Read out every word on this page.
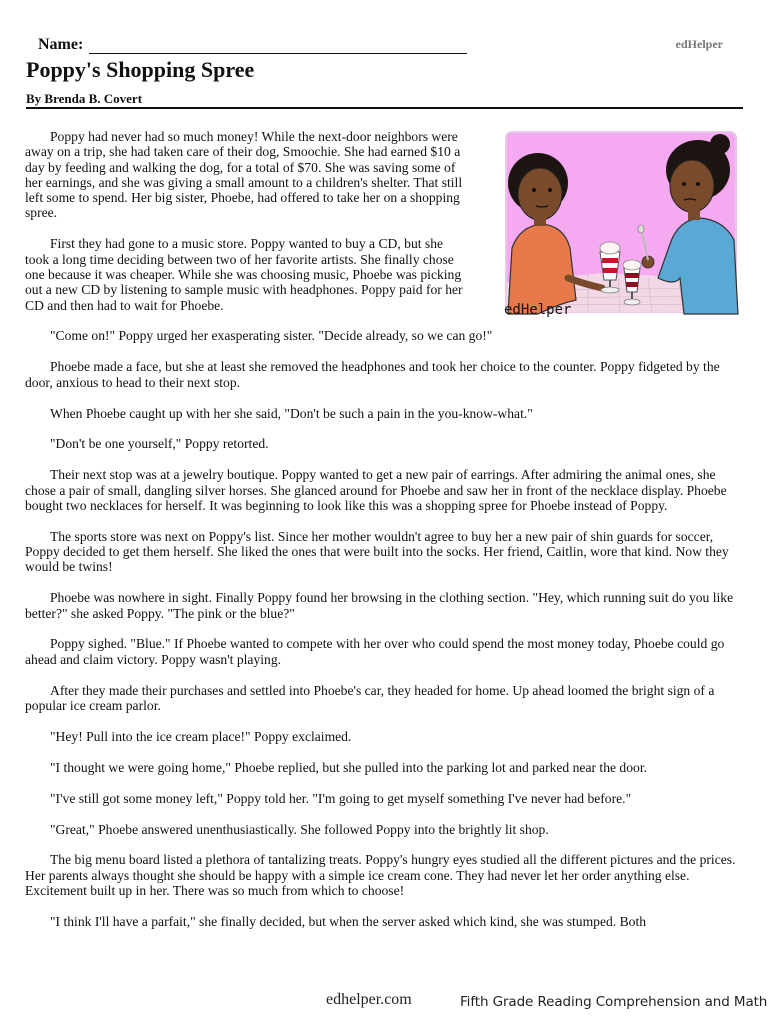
Name:	edHelper
Poppy's Shopping Spree
By Brenda B. Covert
edHelper

Poppy had never had so much money! While the next-door neighbors were away on a trip, she had taken care of their dog, Smoochie. She had earned $10 a day by feeding and walking the dog, for a total of $70. She was saving some of her earnings, and she was giving a small amount to a children's shelter. That still left some to spend. Her big sister, Phoebe, had offered to take her on a shopping spree.

First they had gone to a music store. Poppy wanted to buy a CD, but she took a long time deciding between two of her favorite artists. She finally chose one because it was cheaper. While she was choosing music, Phoebe was picking out a new CD by listening to sample music with headphones. Poppy paid for her CD and then had to wait for Phoebe.

"Come on!" Poppy urged her exasperating sister. "Decide already, so we can go!"

Phoebe made a face, but she at least she removed the headphones and took her choice to the counter. Poppy fidgeted by the door, anxious to head to their next stop.

When Phoebe caught up with her she said, "Don't be such a pain in the you-know-what."

"Don't be one yourself," Poppy retorted.

Their next stop was at a jewelry boutique. Poppy wanted to get a new pair of earrings. After admiring the animal ones, she chose a pair of small, dangling silver horses. She glanced around for Phoebe and saw her in front of the necklace display. Phoebe bought two necklaces for herself. It was beginning to look like this was a shopping spree for Phoebe instead of Poppy.

The sports store was next on Poppy's list. Since her mother wouldn't agree to buy her a new pair of shin guards for soccer, Poppy decided to get them herself. She liked the ones that were built into the socks. Her friend, Caitlin, wore that kind. Now they would be twins!

Phoebe was nowhere in sight. Finally Poppy found her browsing in the clothing section. "Hey, which running suit do you like better?" she asked Poppy. "The pink or the blue?"

Poppy sighed. "Blue." If Phoebe wanted to compete with her over who could spend the most money today, Phoebe could go ahead and claim victory. Poppy wasn't playing.

After they made their purchases and settled into Phoebe's car, they headed for home. Up ahead loomed the bright sign of a popular ice cream parlor.

"Hey! Pull into the ice cream place!" Poppy exclaimed.

"I thought we were going home," Phoebe replied, but she pulled into the parking lot and parked near the door.

"I've still got some money left," Poppy told her. "I'm going to get myself something I've never had before."

"Great," Phoebe answered unenthusiastically. She followed Poppy into the brightly lit shop.

The big menu board listed a plethora of tantalizing treats. Poppy's hungry eyes studied all the different pictures and the prices. Her parents always thought she should be happy with a simple ice cream cone. They had never let her order anything else. Excitement built up in her. There was so much from which to choose!

"I think I'll have a parfait," she finally decided, but when the server asked which kind, she was stumped. Both

edhelper.com	Fifth Grade Reading Comprehension and Math
